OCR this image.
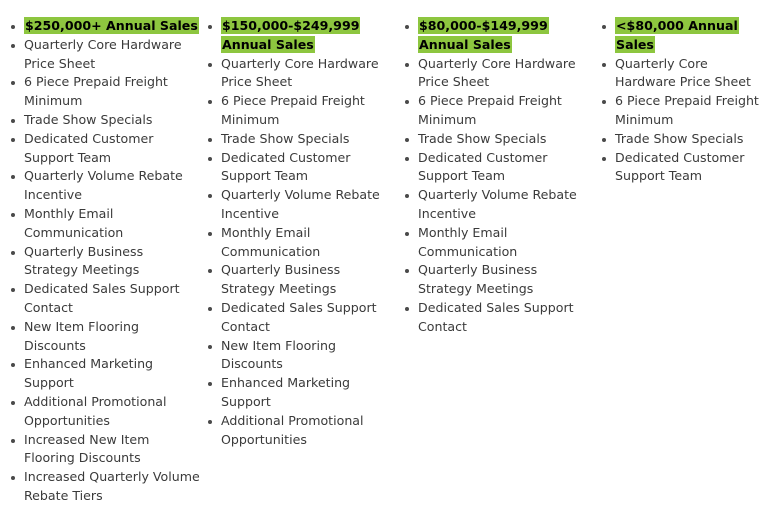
$250,000+ Annual Sales
Quarterly Core Hardware Price Sheet
6 Piece Prepaid Freight Minimum
Trade Show Specials
Dedicated Customer Support Team
Quarterly Volume Rebate Incentive
Monthly Email Communication
Quarterly Business Strategy Meetings
Dedicated Sales Support Contact
New Item Flooring Discounts
Enhanced Marketing Support
Additional Promotional Opportunities
Increased New Item Flooring Discounts
Increased Quarterly Volume Rebate Tiers
$150,000-$249,999 Annual Sales
Quarterly Core Hardware Price Sheet
6 Piece Prepaid Freight Minimum
Trade Show Specials
Dedicated Customer Support Team
Quarterly Volume Rebate Incentive
Monthly Email Communication
Quarterly Business Strategy Meetings
Dedicated Sales Support Contact
New Item Flooring Discounts
Enhanced Marketing Support
Additional Promotional Opportunities
$80,000-$149,999 Annual Sales
Quarterly Core Hardware Price Sheet
6 Piece Prepaid Freight Minimum
Trade Show Specials
Dedicated Customer Support Team
Quarterly Volume Rebate Incentive
Monthly Email Communication
Quarterly Business Strategy Meetings
Dedicated Sales Support Contact
<$80,000 Annual Sales
Quarterly Core Hardware Price Sheet
6 Piece Prepaid Freight Minimum
Trade Show Specials
Dedicated Customer Support Team
